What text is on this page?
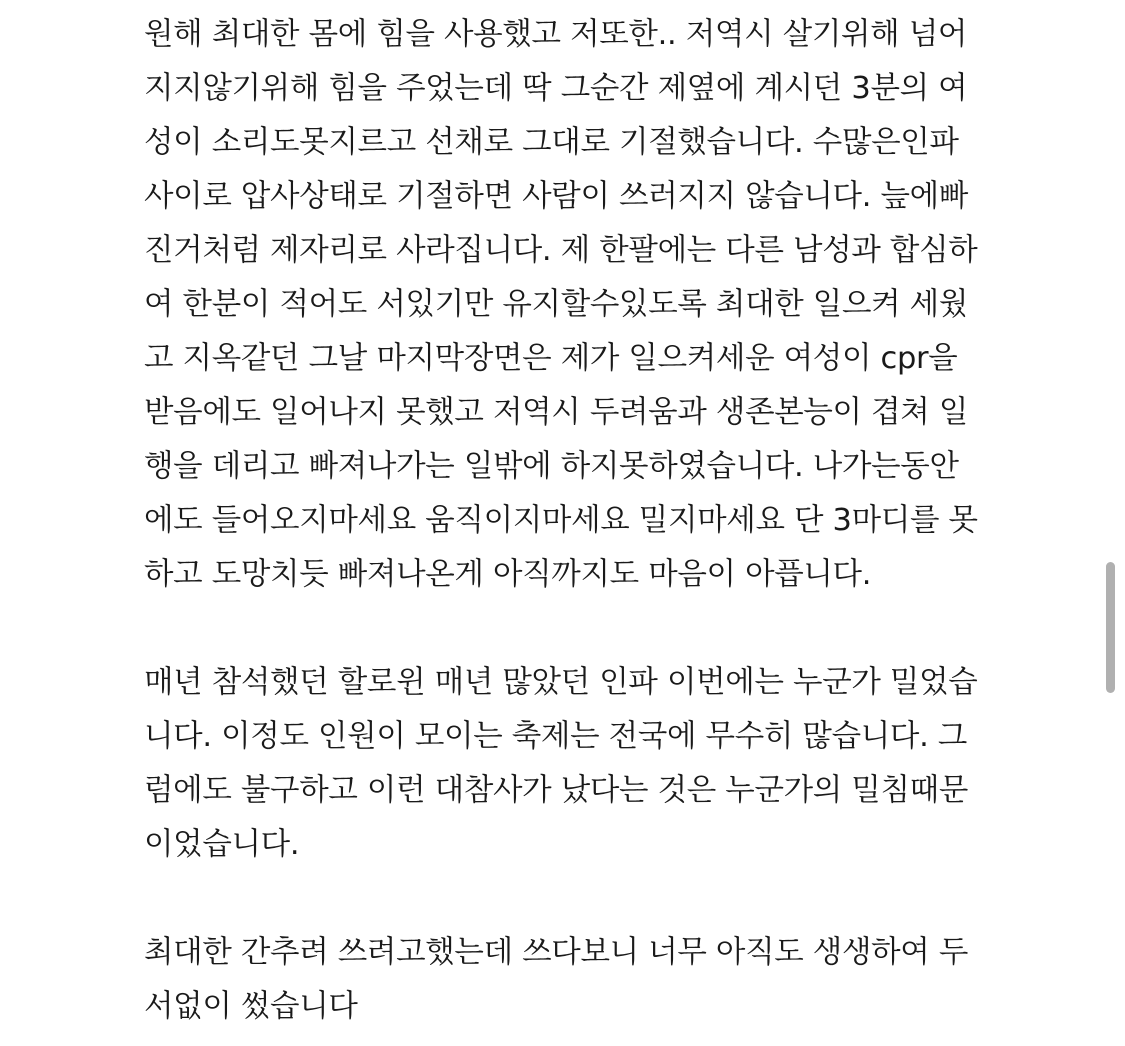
원해 최대한 몸에 힘을 사용했고 저또한.. 저역시 살기위해 넘어
지지않기위해 힘을 주었는데 딱 그순간 제옆에 계시던 3분의 여
성이 소리도못지르고 선채로 그대로 기절했습니다. 수많은인파
사이로 압사상태로 기절하면 사람이 쓰러지지 않습니다. 늪에빠
진거처럼 제자리로 사라집니다. 제 한팔에는 다른 남성과 합심하
여 한분이 적어도 서있기만 유지할수있도록 최대한 일으켜 세웠
고 지옥같던 그날 마지막장면은 제가 일으켜세운 여성이 cpr을
받음에도 일어나지 못했고 저역시 두려움과 생존본능이 겹쳐 일
행을 데리고 빠져나가는 일밖에 하지못하였습니다. 나가는동안
에도 들어오지마세요 움직이지마세요 밀지마세요 단 3마디를 못
하고 도망치듯 빠져나온게 아직까지도 마음이 아픕니다.
매년 참석했던 할로윈 매년 많았던 인파 이번에는 누군가 밀었습
니다. 이정도 인원이 모이는 축제는 전국에 무수히 많습니다. 그
럼에도 불구하고 이런 대참사가 났다는 것은 누군가의 밀침때문
이었습니다.
최대한 간추려 쓰려고했는데 쓰다보니 너무 아직도 생생하여 두
서없이 썼습니다
